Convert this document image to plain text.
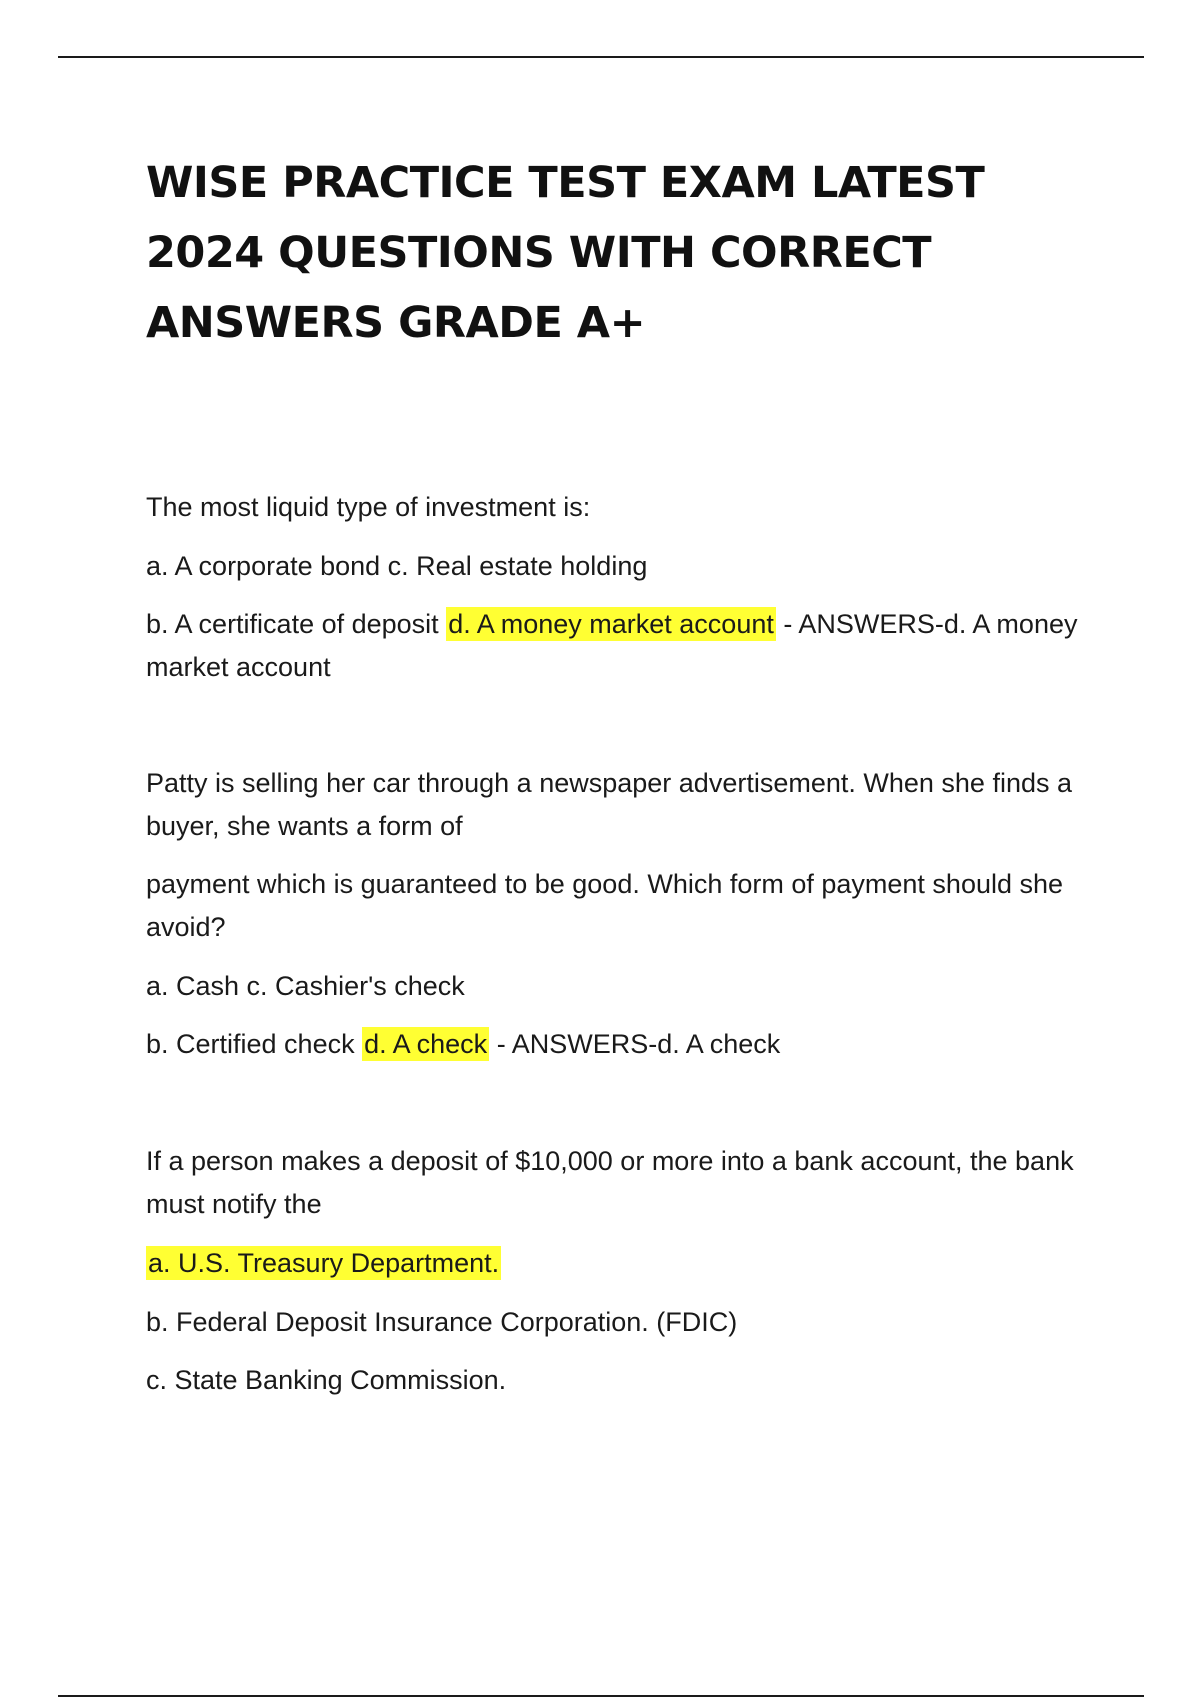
WISE PRACTICE TEST EXAM LATEST 2024 QUESTIONS WITH CORRECT ANSWERS GRADE A+

The most liquid type of investment is:

a. A corporate bond c. Real estate holding

b. A certificate of deposit d. A money market account - ANSWERS-d. A money market account

Patty is selling her car through a newspaper advertisement. When she finds a buyer, she wants a form of

payment which is guaranteed to be good. Which form of payment should she avoid?

a. Cash c. Cashier's check

b. Certified check d. A check - ANSWERS-d. A check

If a person makes a deposit of $10,000 or more into a bank account, the bank must notify the

a. U.S. Treasury Department.

b. Federal Deposit Insurance Corporation. (FDIC)

c. State Banking Commission.
